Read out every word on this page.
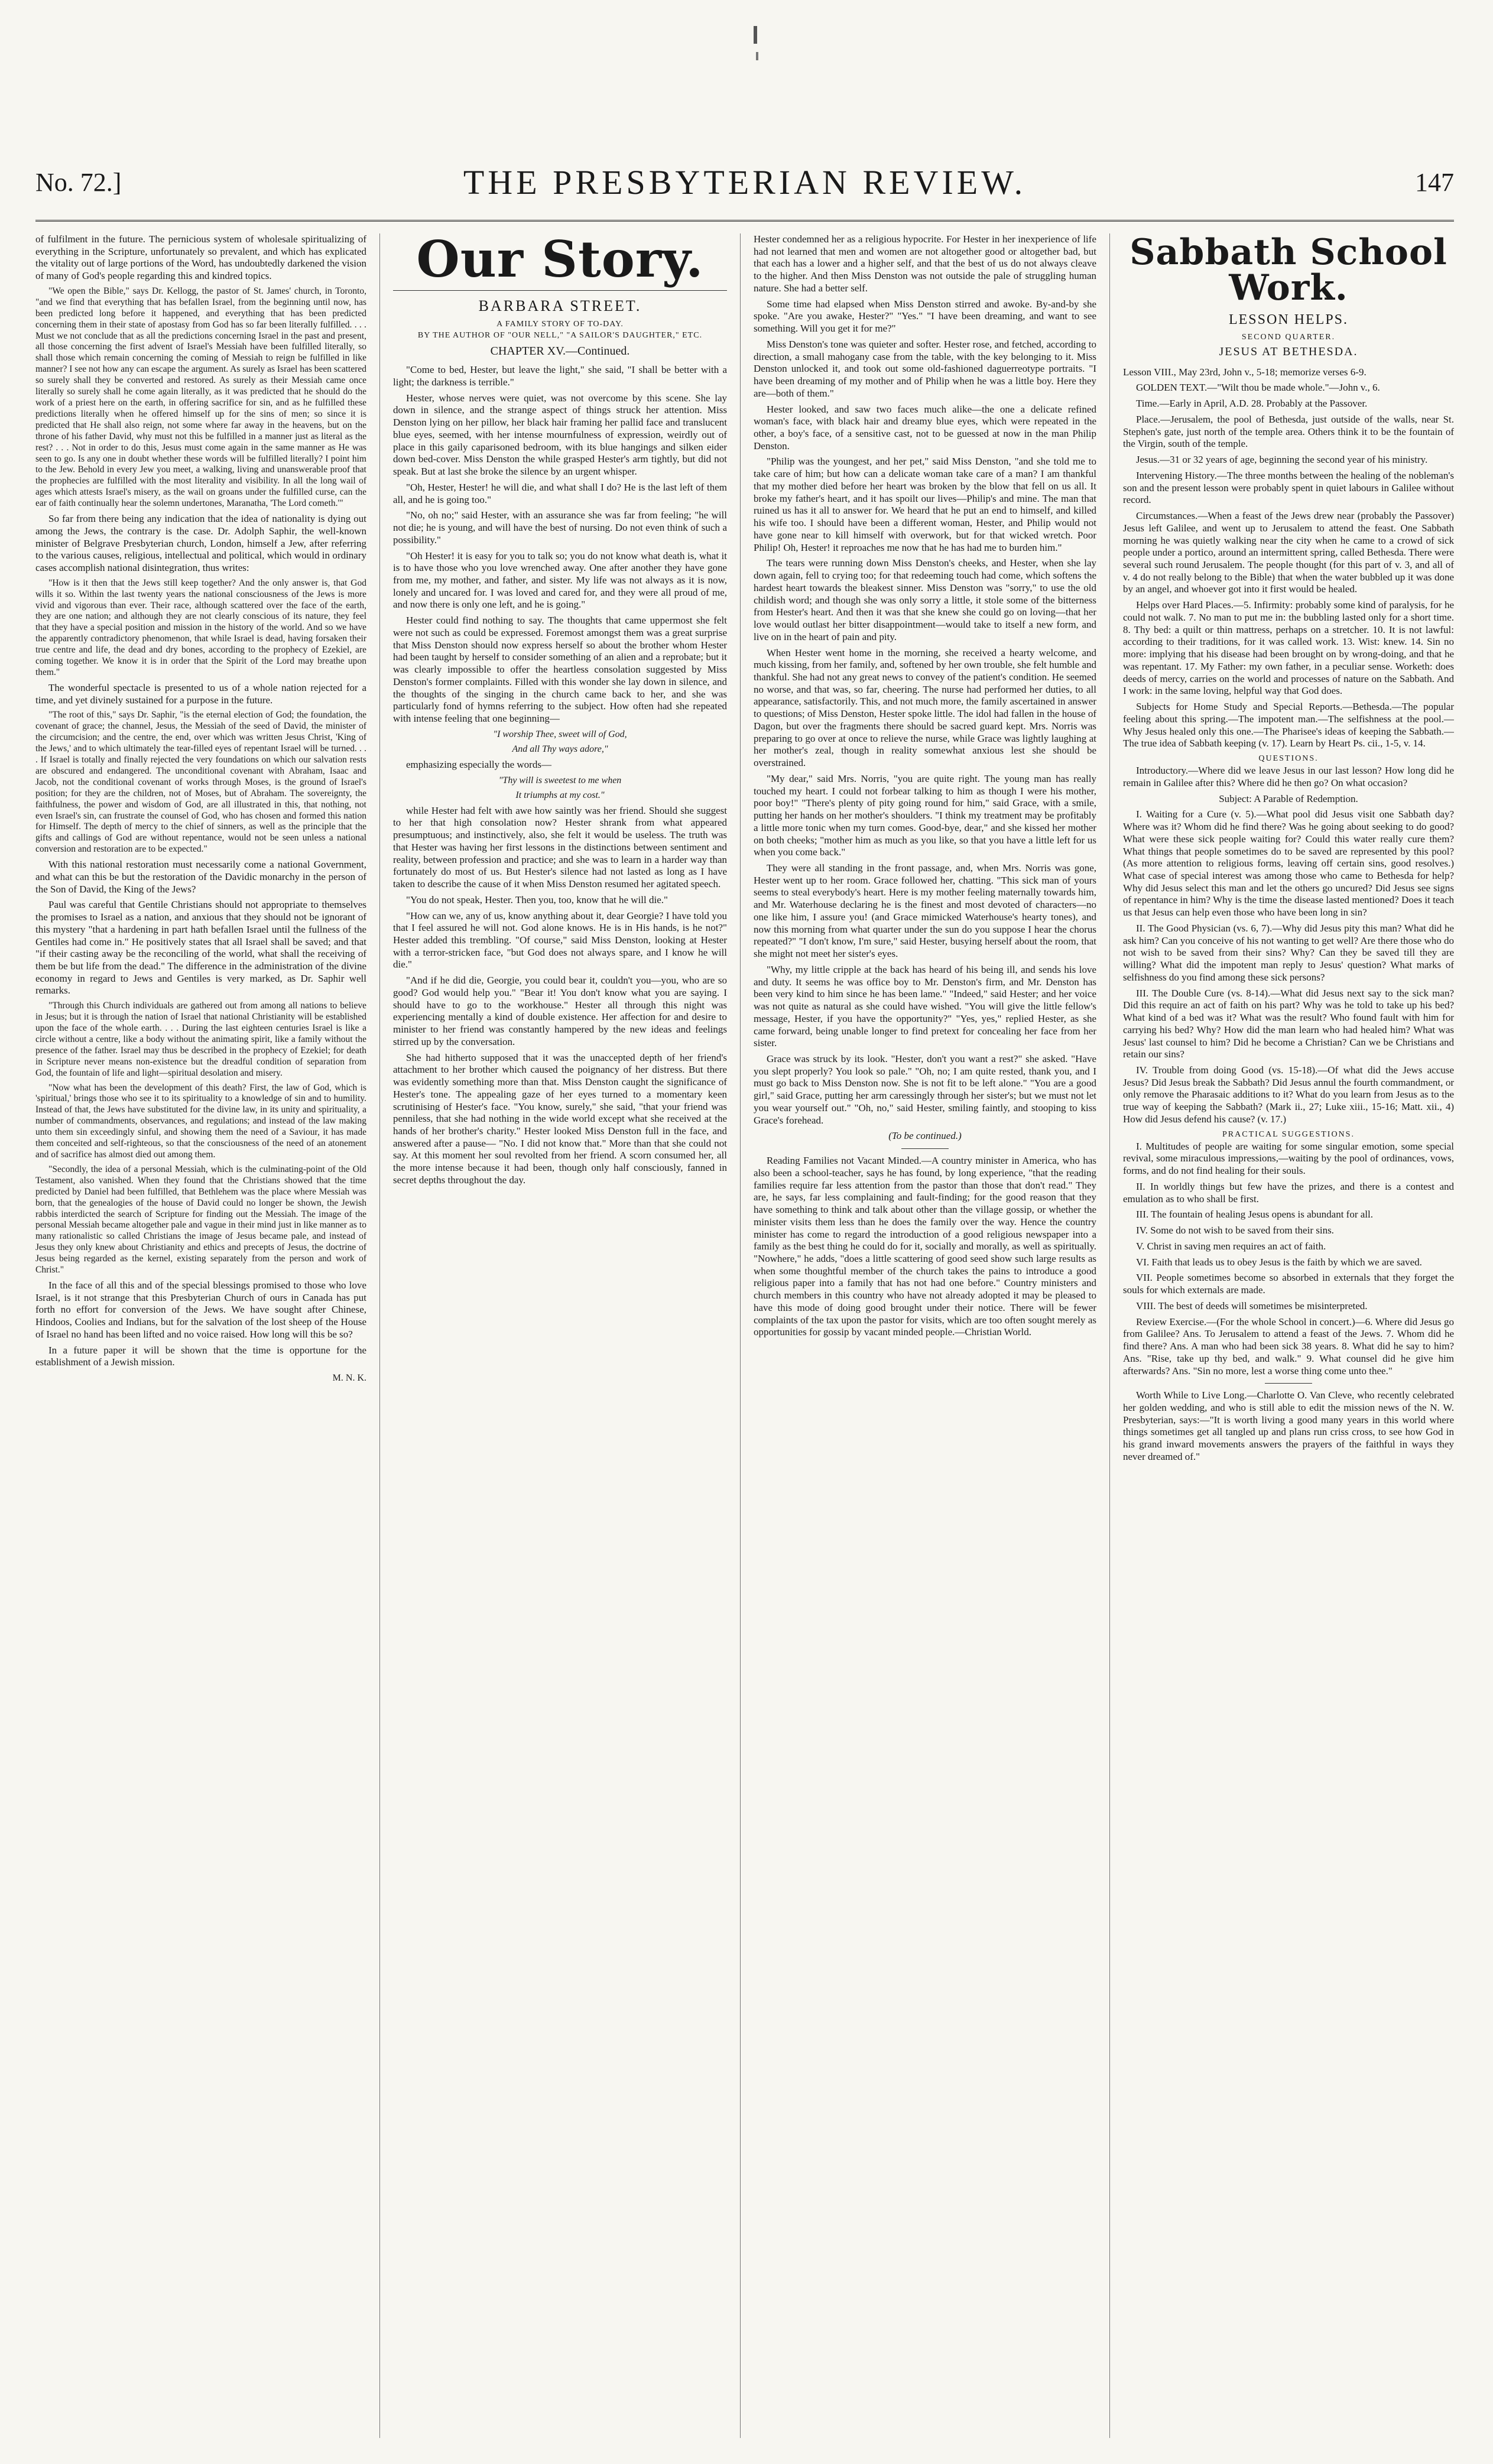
No. 72.]	THE PRESBYTERIAN REVIEW.	147

of fulfilment in the future. The pernicious system of wholesale spiritualizing of everything in the Scripture, unfortunately so prevalent, and which has explicated the vitality out of large portions of the Word, has undoubtedly darkened the vision of many of God's people regarding this and kindred topics.

"We open the Bible," says Dr. Kellogg, the pastor of St. James' church, in Toronto, "and we find that everything that has befallen Israel, from the beginning until now, has been predicted long before it happened, and everything that has been predicted concerning them in their state of apostasy from God has so far been literally fulfilled. . . . Must we not conclude that as all the predictions concerning Israel in the past and present, all those concerning the first advent of Israel's Messiah have been fulfilled literally, so shall those which remain concerning the coming of Messiah to reign be fulfilled in like manner? I see not how any can escape the argument. As surely as Israel has been scattered so surely shall they be converted and restored. As surely as their Messiah came once literally so surely shall he come again literally, as it was predicted that he should do the work of a priest here on the earth, in offering sacrifice for sin, and as he fulfilled these predictions literally when he offered himself up for the sins of men; so since it is predicted that He shall also reign, not some where far away in the heavens, but on the throne of his father David, why must not this be fulfilled in a manner just as literal as the rest? . . . Not in order to do this, Jesus must come again in the same manner as He was seen to go. Is any one in doubt whether these words will be fulfilled literally? I point him to the Jew. Behold in every Jew you meet, a walking, living and unanswerable proof that the prophecies are fulfilled with the most literality and visibility. In all the long wail of ages which attests Israel's misery, as the wail on groans under the fulfilled curse, can the ear of faith continually hear the solemn undertones, Maranatha, 'The Lord cometh.'"

So far from there being any indication that the idea of nationality is dying out among the Jews, the contrary is the case. Dr. Adolph Saphir, the well-known minister of Belgrave Presbyterian church, London, himself a Jew, after referring to the various causes, religious, intellectual and political, which would in ordinary cases accomplish national disintegration, thus writes:

"How is it then that the Jews still keep together? And the only answer is, that God wills it so. Within the last twenty years the national consciousness of the Jews is more vivid and vigorous than ever. Their race, although scattered over the face of the earth, they are one nation; and although they are not clearly conscious of its nature, they feel that they have a special position and mission in the history of the world. And so we have the apparently contradictory phenomenon, that while Israel is dead, having forsaken their true centre and life, the dead and dry bones, according to the prophecy of Ezekiel, are coming together. We know it is in order that the Spirit of the Lord may breathe upon them."

The wonderful spectacle is presented to us of a whole nation rejected for a time, and yet divinely sustained for a purpose in the future.

"The root of this," says Dr. Saphir, "is the eternal election of God; the foundation, the covenant of grace; the channel, Jesus, the Messiah of the seed of David, the minister of the circumcision; and the centre, the end, over which was written Jesus Christ, 'King of the Jews,' and to which ultimately the tear-filled eyes of repentant Israel will be turned. . . . If Israel is totally and finally rejected the very foundations on which our salvation rests are obscured and endangered. The unconditional covenant with Abraham, Isaac and Jacob, not the conditional covenant of works through Moses, is the ground of Israel's position; for they are the children, not of Moses, but of Abraham. The sovereignty, the faithfulness, the power and wisdom of God, are all illustrated in this, that nothing, not even Israel's sin, can frustrate the counsel of God, who has chosen and formed this nation for Himself. The depth of mercy to the chief of sinners, as well as the principle that the gifts and callings of God are without repentance, would not be seen unless a national conversion and restoration are to be expected."

With this national restoration must necessarily come a national Government, and what can this be but the restoration of the Davidic monarchy in the person of the Son of David, the King of the Jews?

Paul was careful that Gentile Christians should not appropriate to themselves the promises to Israel as a nation, and anxious that they should not be ignorant of this mystery "that a hardening in part hath befallen Israel until the fullness of the Gentiles had come in." He positively states that all Israel shall be saved; and that "if their casting away be the reconciling of the world, what shall the receiving of them be but life from the dead." The difference in the administration of the divine economy in regard to Jews and Gentiles is very marked, as Dr. Saphir well remarks.

"Through this Church individuals are gathered out from among all nations to believe in Jesus; but it is through the nation of Israel that national Christianity will be established upon the face of the whole earth. . . . During the last eighteen centuries Israel is like a circle without a centre, like a body without the animating spirit, like a family without the presence of the father. Israel may thus be described in the prophecy of Ezekiel; for death in Scripture never means non-existence but the dreadful condition of separation from God, the fountain of life and light—spiritual desolation and misery.

"Now what has been the development of this death? First, the law of God, which is 'spiritual,' brings those who see it to its spirituality to a knowledge of sin and to humility. Instead of that, the Jews have substituted for the divine law, in its unity and spirituality, a number of commandments, observances, and regulations; and instead of the law making unto them sin exceedingly sinful, and showing them the need of a Saviour, it has made them conceited and self-righteous, so that the consciousness of the need of an atonement and of sacrifice has almost died out among them.

"Secondly, the idea of a personal Messiah, which is the culminating-point of the Old Testament, also vanished. When they found that the Christians showed that the time predicted by Daniel had been fulfilled, that Bethlehem was the place where Messiah was born, that the genealogies of the house of David could no longer be shown, the Jewish rabbis interdicted the search of Scripture for finding out the Messiah. The image of the personal Messiah became altogether pale and vague in their mind just in like manner as to many rationalistic so called Christians the image of Jesus became pale, and instead of Jesus they only knew about Christianity and ethics and precepts of Jesus, the doctrine of Jesus being regarded as the kernel, existing separately from the person and work of Christ."

In the face of all this and of the special blessings promised to those who love Israel, is it not strange that this Presbyterian Church of ours in Canada has put forth no effort for conversion of the Jews. We have sought after Chinese, Hindoos, Coolies and Indians, but for the salvation of the lost sheep of the House of Israel no hand has been lifted and no voice raised. How long will this be so?

In a future paper it will be shown that the time is opportune for the establishment of a Jewish mission.

M. N. K.
Our Story.
BARBARA STREET.
A FAMILY STORY OF TO-DAY.
BY THE AUTHOR OF "OUR NELL," "A SAILOR'S DAUGHTER," ETC.
CHAPTER XV.—Continued.

"Come to bed, Hester, but leave the light," she said, "I shall be better with a light; the darkness is terrible."

Hester, whose nerves were quiet, was not overcome by this scene. She lay down in silence, and the strange aspect of things struck her attention. Miss Denston lying on her pillow, her black hair framing her pallid face and translucent blue eyes, seemed, with her intense mournfulness of expression, weirdly out of place in this gaily caparisoned bedroom, with its blue hangings and silken eider down bed-cover. Miss Denston the while grasped Hester's arm tightly, but did not speak. But at last she broke the silence by an urgent whisper.

"Oh, Hester, Hester! he will die, and what shall I do? He is the last left of them all, and he is going too."

"No, oh no;" said Hester, with an assurance she was far from feeling; "he will not die; he is young, and will have the best of nursing. Do not even think of such a possibility."

"Oh Hester! it is easy for you to talk so; you do not know what death is, what it is to have those who you love wrenched away. One after another they have gone from me, my mother, and father, and sister. My life was not always as it is now, lonely and uncared for. I was loved and cared for, and they were all proud of me, and now there is only one left, and he is going."

Hester could find nothing to say. The thoughts that came uppermost she felt were not such as could be expressed. Foremost amongst them was a great surprise that Miss Denston should now express herself so about the brother whom Hester had been taught by herself to consider something of an alien and a reprobate; but it was clearly impossible to offer the heartless consolation suggested by Miss Denston's former complaints. Filled with this wonder she lay down in silence, and the thoughts of the singing in the church came back to her, and she was particularly fond of hymns referring to the subject. How often had she repeated with intense feeling that one beginning—

"I worship Thee, sweet will of God,
And all Thy ways adore,"

emphasizing especially the words—

"Thy will is sweetest to me when
It triumphs at my cost."

while Hester had felt with awe how saintly was her friend. Should she suggest to her that high consolation now? Hester shrank from what appeared presumptuous; and instinctively, also, she felt it would be useless. The truth was that Hester was having her first lessons in the distinctions between sentiment and reality, between profession and practice; and she was to learn in a harder way than fortunately do most of us. But Hester's silence had not lasted as long as I have taken to describe the cause of it when Miss Denston resumed her agitated speech.

"You do not speak, Hester. Then you, too, know that he will die."

"How can we, any of us, know anything about it, dear Georgie? I have told you that I feel assured he will not. God alone knows. He is in His hands, is he not?" Hester added this trembling. "Of course," said Miss Denston, looking at Hester with a terror-stricken face, "but God does not always spare, and I know he will die."

"And if he did die, Georgie, you could bear it, couldn't you—you, who are so good? God would help you." "Bear it! You don't know what you are saying. I should have to go to the workhouse." Hester all through this night was experiencing mentally a kind of double existence. Her affection for and desire to minister to her friend was constantly hampered by the new ideas and feelings stirred up by the conversation.

She had hitherto supposed that it was the unaccepted depth of her friend's attachment to her brother which caused the poignancy of her distress. But there was evidently something more than that. Miss Denston caught the significance of Hester's tone. The appealing gaze of her eyes turned to a momentary keen scrutinising of Hester's face. "You know, surely," she said, "that your friend was penniless, that she had nothing in the wide world except what she received at the hands of her brother's charity." Hester looked Miss Denston full in the face, and answered after a pause— "No. I did not know that." More than that she could not say. At this moment her soul revolted from her friend. A scorn consumed her, all the more intense because it had been, though only half consciously, fanned in secret depths throughout the day.

Hester condemned her as a religious hypocrite. For Hester in her inexperience of life had not learned that men and women are not altogether good or altogether bad, but that each has a lower and a higher self, and that the best of us do not always cleave to the higher. And then Miss Denston was not outside the pale of struggling human nature. She had a better self.

Some time had elapsed when Miss Denston stirred and awoke. By-and-by she spoke. "Are you awake, Hester?" "Yes." "I have been dreaming, and want to see something. Will you get it for me?"

Miss Denston's tone was quieter and softer. Hester rose, and fetched, according to direction, a small mahogany case from the table, with the key belonging to it. Miss Denston unlocked it, and took out some old-fashioned daguerreotype portraits. "I have been dreaming of my mother and of Philip when he was a little boy. Here they are—both of them."

Hester looked, and saw two faces much alike—the one a delicate refined woman's face, with black hair and dreamy blue eyes, which were repeated in the other, a boy's face, of a sensitive cast, not to be guessed at now in the man Philip Denston.

"Philip was the youngest, and her pet," said Miss Denston, "and she told me to take care of him; but how can a delicate woman take care of a man? I am thankful that my mother died before her heart was broken by the blow that fell on us all. It broke my father's heart, and it has spoilt our lives—Philip's and mine. The man that ruined us has it all to answer for. We heard that he put an end to himself, and killed his wife too. I should have been a different woman, Hester, and Philip would not have gone near to kill himself with overwork, but for that wicked wretch. Poor Philip! Oh, Hester! it reproaches me now that he has had me to burden him."

The tears were running down Miss Denston's cheeks, and Hester, when she lay down again, fell to crying too; for that redeeming touch had come, which softens the hardest heart towards the bleakest sinner. Miss Denston was "sorry," to use the old childish word; and though she was only sorry a little, it stole some of the bitterness from Hester's heart. And then it was that she knew she could go on loving—that her love would outlast her bitter disappointment—would take to itself a new form, and live on in the heart of pain and pity.

When Hester went home in the morning, she received a hearty welcome, and much kissing, from her family, and, softened by her own trouble, she felt humble and thankful. She had not any great news to convey of the patient's condition. He seemed no worse, and that was, so far, cheering. The nurse had performed her duties, to all appearance, satisfactorily. This, and not much more, the family ascertained in answer to questions; of Miss Denston, Hester spoke little. The idol had fallen in the house of Dagon, but over the fragments there should be sacred guard kept. Mrs. Norris was preparing to go over at once to relieve the nurse, while Grace was lightly laughing at her mother's zeal, though in reality somewhat anxious lest she should be overstrained.

"My dear," said Mrs. Norris, "you are quite right. The young man has really touched my heart. I could not forbear talking to him as though I were his mother, poor boy!" "There's plenty of pity going round for him," said Grace, with a smile, putting her hands on her mother's shoulders. "I think my treatment may be profitably a little more tonic when my turn comes. Good-bye, dear," and she kissed her mother on both cheeks; "mother him as much as you like, so that you have a little left for us when you come back."

They were all standing in the front passage, and, when Mrs. Norris was gone, Hester went up to her room. Grace followed her, chatting. "This sick man of yours seems to steal everybody's heart. Here is my mother feeling maternally towards him, and Mr. Waterhouse declaring he is the finest and most devoted of characters—no one like him, I assure you! (and Grace mimicked Waterhouse's hearty tones), and now this morning from what quarter under the sun do you suppose I hear the chorus repeated?" "I don't know, I'm sure," said Hester, busying herself about the room, that she might not meet her sister's eyes.

"Why, my little cripple at the back has heard of his being ill, and sends his love and duty. It seems he was office boy to Mr. Denston's firm, and Mr. Denston has been very kind to him since he has been lame." "Indeed," said Hester; and her voice was not quite as natural as she could have wished. "You will give the little fellow's message, Hester, if you have the opportunity?" "Yes, yes," replied Hester, as she came forward, being unable longer to find pretext for concealing her face from her sister.

Grace was struck by its look. "Hester, don't you want a rest?" she asked. "Have you slept properly? You look so pale." "Oh, no; I am quite rested, thank you, and I must go back to Miss Denston now. She is not fit to be left alone." "You are a good girl," said Grace, putting her arm caressingly through her sister's; but we must not let you wear yourself out." "Oh, no," said Hester, smiling faintly, and stooping to kiss Grace's forehead.

(To be continued.)

Reading Families not Vacant Minded.—A country minister in America, who has also been a school-teacher, says he has found, by long experience, "that the reading families require far less attention from the pastor than those that don't read." They are, he says, far less complaining and fault-finding; for the good reason that they have something to think and talk about other than the village gossip, or whether the minister visits them less than he does the family over the way. Hence the country minister has come to regard the introduction of a good religious newspaper into a family as the best thing he could do for it, socially and morally, as well as spiritually. "Nowhere," he adds, "does a little scattering of good seed show such large results as when some thoughtful member of the church takes the pains to introduce a good religious paper into a family that has not had one before." Country ministers and church members in this country who have not already adopted it may be pleased to have this mode of doing good brought under their notice. There will be fewer complaints of the tax upon the pastor for visits, which are too often sought merely as opportunities for gossip by vacant minded people.—Christian World.

Sabbath School Work.
LESSON HELPS.
SECOND QUARTER.
JESUS AT BETHESDA.

Lesson VIII., May 23rd, John v., 5-18; memorize verses 6-9.

GOLDEN TEXT.—"Wilt thou be made whole."—John v., 6.

Time.—Early in April, A.D. 28. Probably at the Passover.

Place.—Jerusalem, the pool of Bethesda, just outside of the walls, near St. Stephen's gate, just north of the temple area. Others think it to be the fountain of the Virgin, south of the temple.

Jesus.—31 or 32 years of age, beginning the second year of his ministry.

Intervening History.—The three months between the healing of the nobleman's son and the present lesson were probably spent in quiet labours in Galilee without record.

Circumstances.—When a feast of the Jews drew near (probably the Passover) Jesus left Galilee, and went up to Jerusalem to attend the feast. One Sabbath morning he was quietly walking near the city when he came to a crowd of sick people under a portico, around an intermittent spring, called Bethesda. There were several such round Jerusalem. The people thought (for this part of v. 3, and all of v. 4 do not really belong to the Bible) that when the water bubbled up it was done by an angel, and whoever got into it first would be healed.

Helps over Hard Places.—5. Infirmity: probably some kind of paralysis, for he could not walk. 7. No man to put me in: the bubbling lasted only for a short time. 8. Thy bed: a quilt or thin mattress, perhaps on a stretcher. 10. It is not lawful: according to their traditions, for it was called work. 13. Wist: knew. 14. Sin no more: implying that his disease had been brought on by wrong-doing, and that he was repentant. 17. My Father: my own father, in a peculiar sense. Worketh: does deeds of mercy, carries on the world and processes of nature on the Sabbath. And I work: in the same loving, helpful way that God does.

Subjects for Home Study and Special Reports.—Bethesda.—The popular feeling about this spring.—The impotent man.—The selfishness at the pool.—Why Jesus healed only this one.—The Pharisee's ideas of keeping the Sabbath.—The true idea of Sabbath keeping (v. 17). Learn by Heart Ps. cii., 1-5, v. 14.

QUESTIONS.

Introductory.—Where did we leave Jesus in our last lesson? How long did he remain in Galilee after this? Where did he then go? On what occasion?

Subject: A Parable of Redemption.

I. Waiting for a Cure (v. 5).—What pool did Jesus visit one Sabbath day? Where was it? Whom did he find there? Was he going about seeking to do good? What were these sick people waiting for? Could this water really cure them? What things that people sometimes do to be saved are represented by this pool? (As more attention to religious forms, leaving off certain sins, good resolves.) What case of special interest was among those who came to Bethesda for help? Why did Jesus select this man and let the others go uncured? Did Jesus see signs of repentance in him? Why is the time the disease lasted mentioned? Does it teach us that Jesus can help even those who have been long in sin?

II. The Good Physician (vs. 6, 7).—Why did Jesus pity this man? What did he ask him? Can you conceive of his not wanting to get well? Are there those who do not wish to be saved from their sins? Why? Can they be saved till they are willing? What did the impotent man reply to Jesus' question? What marks of selfishness do you find among these sick persons?

III. The Double Cure (vs. 8-14).—What did Jesus next say to the sick man? Did this require an act of faith on his part? Why was he told to take up his bed? What kind of a bed was it? What was the result? Who found fault with him for carrying his bed? Why? How did the man learn who had healed him? What was Jesus' last counsel to him? Did he become a Christian? Can we be Christians and retain our sins?

IV. Trouble from doing Good (vs. 15-18).—Of what did the Jews accuse Jesus? Did Jesus break the Sabbath? Did Jesus annul the fourth commandment, or only remove the Pharasaic additions to it? What do you learn from Jesus as to the true way of keeping the Sabbath? (Mark ii., 27; Luke xiii., 15-16; Matt. xii., 4) How did Jesus defend his cause? (v. 17.)

PRACTICAL SUGGESTIONS.

I. Multitudes of people are waiting for some singular emotion, some special revival, some miraculous impressions,—waiting by the pool of ordinances, vows, forms, and do not find healing for their souls.

II. In worldly things but few have the prizes, and there is a contest and emulation as to who shall be first.

III. The fountain of healing Jesus opens is abundant for all.

IV. Some do not wish to be saved from their sins.

V. Christ in saving men requires an act of faith.

VI. Faith that leads us to obey Jesus is the faith by which we are saved.

VII. People sometimes become so absorbed in externals that they forget the souls for which externals are made.

VIII. The best of deeds will sometimes be misinterpreted.

Review Exercise.—(For the whole School in concert.)—6. Where did Jesus go from Galilee? Ans. To Jerusalem to attend a feast of the Jews. 7. Whom did he find there? Ans. A man who had been sick 38 years. 8. What did he say to him? Ans. "Rise, take up thy bed, and walk." 9. What counsel did he give him afterwards? Ans. "Sin no more, lest a worse thing come unto thee."

Worth While to Live Long.—Charlotte O. Van Cleve, who recently celebrated her golden wedding, and who is still able to edit the mission news of the N. W. Presbyterian, says:—"It is worth living a good many years in this world where things sometimes get all tangled up and plans run criss cross, to see how God in his grand inward movements answers the prayers of the faithful in ways they never dreamed of."
